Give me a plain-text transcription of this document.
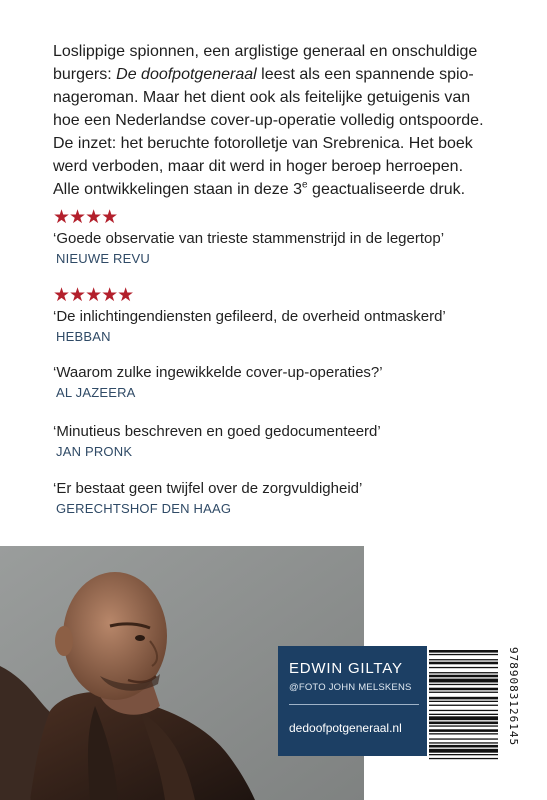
Loslippige spionnen, een arglistige generaal en onschuldige
burgers: De doofpotgeneraal leest als een spannende spio-
nageroman. Maar het dient ook als feitelijke getuigenis van
hoe een Nederlandse cover-up-operatie volledig ontspoorde.
De inzet: het beruchte fotorolletje van Srebrenica. Het boek
werd verboden, maar dit werd in hoger beroep herroepen.
Alle ontwikkelingen staan in deze 3e geactualiseerde druk.
★★★★
‘Goede observatie van trieste stammenstrijd in de legertop’
NIEUWE REVU
★★★★★
‘De inlichtingendiensten gefileerd, de overheid ontmaskerd’
HEBBAN
‘Waarom zulke ingewikkelde cover-up-operaties?’
AL JAZEERA
‘Minutieus beschreven en goed gedocumenteerd’
JAN PRONK
‘Er bestaat geen twijfel over de zorgvuldigheid’
GERECHTSHOF DEN HAAG
EDWIN GILTAY
@FOTO JOHN MELSKENS
dedoofpotgeneraal.nl	9789083126145
